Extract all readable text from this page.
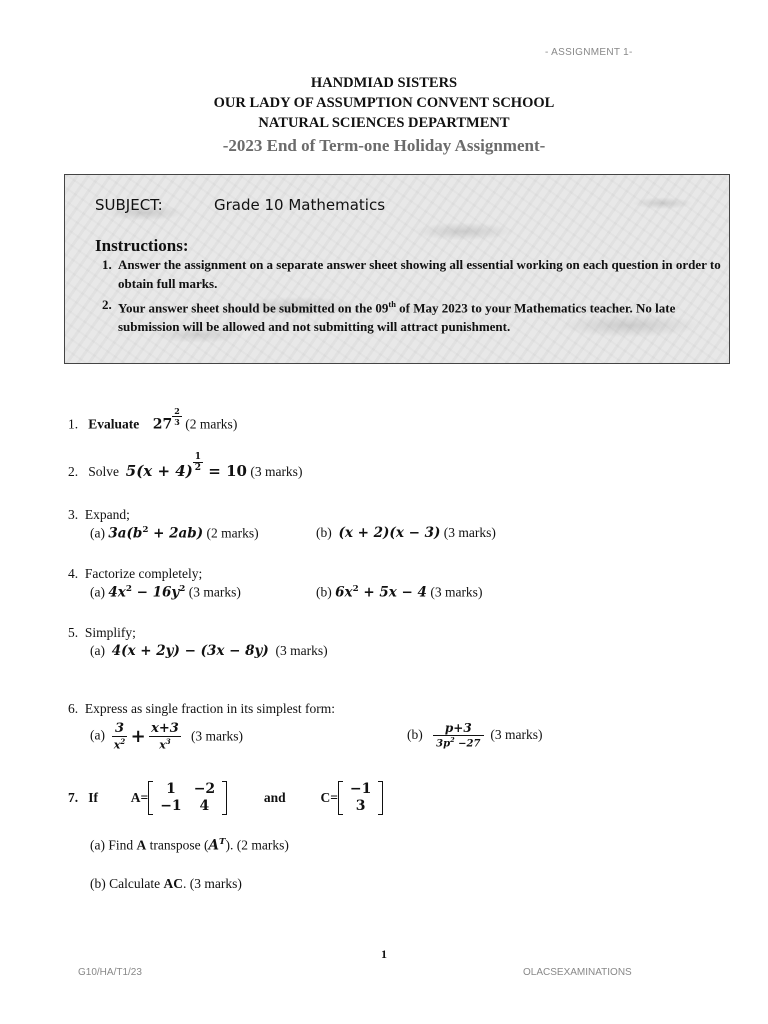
- ASSIGNMENT 1-
HANDMIAD SISTERS
OUR LADY OF ASSUMPTION CONVENT SCHOOL
NATURAL SCIENCES DEPARTMENT
-2023 End of Term-one Holiday Assignment-
SUBJECT:	Grade 10 Mathematics
Instructions:
1. Answer the assignment on a separate answer sheet showing all essential working on each question in order to obtain full marks.
2. Your answer sheet should be submitted on the 09th of May 2023 to your Mathematics teacher. No late submission will be allowed and not submitting will attract punishment.
1. Evaluate $27 \frac{2}{3} (2$ marks)
2. Solve $5(x + 4) \frac{1}{2} = 10$ (3 marks)
3. Expand;
(a) $3a(b^2 + 2ab)$ (2 marks)	(b) (x + 2)(x − 3) (3 marks)
4. Factorize completely;
(a) $4x^2 - 16y^2$ (3 marks)	(b) $6x^2 + 5x - 4$ (3 marks)
5. Simplify;
(a) 4(x + 2y) − (3x − 8y) (3 marks)
6. Express as single fraction in its simplest form:
$(a) \frac{3}{x^2} + \frac{x+3}{x^3} (3$ marks)	$(b) \frac{p+3}{3p^2 -27} (3$ marks)
7. If A=
1	−2
−1	4
and	C=
−1
3
(a) Find A transpose $(A^T)$. (2 marks)
(b) Calculate AC. (3 marks)
1
G10/HA/T1/23	OLACSEXAMINATIONS
